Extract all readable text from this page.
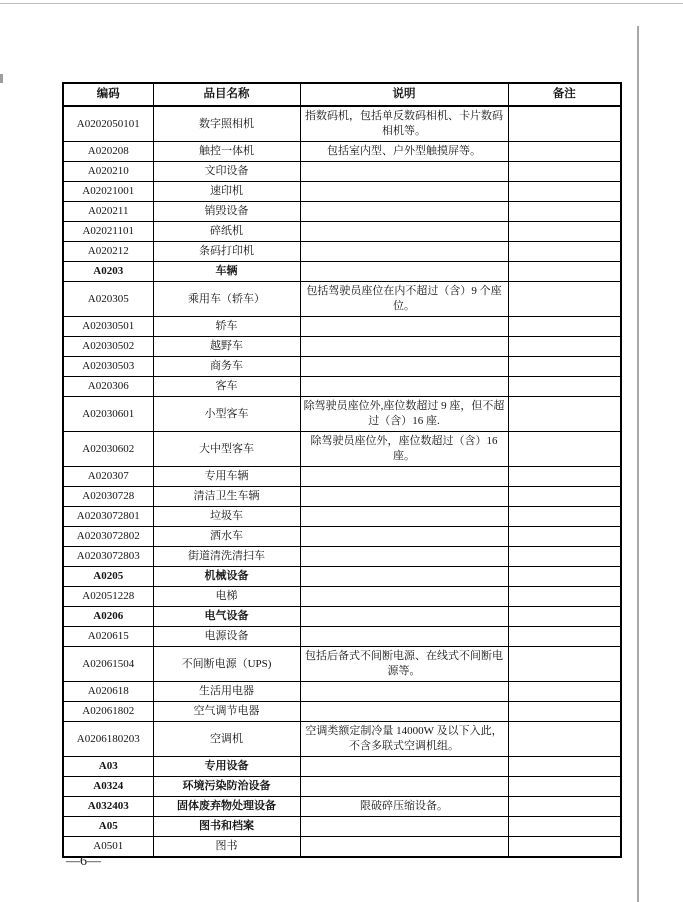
编码	品目名称	说明	备注
A0202050101	数字照相机	指数码机，包括单反数码相机、卡片数码相机等。	
A020208	触控一体机	包括室内型、户外型触摸屏等。	
A020210	文印设备		
A02021001	速印机		
A020211	销毁设备		
A02021101	碎纸机		
A020212	条码打印机		
A0203	车辆		
A020305	乘用车（轿车）	包括驾驶员座位在内不超过（含）9 个座位。	
A02030501	轿车		
A02030502	越野车		
A02030503	商务车		
A020306	客车		
A02030601	小型客车	除驾驶员座位外,座位数超过 9 座，但不超过（含）16 座.	
A02030602	大中型客车	除驾驶员座位外，座位数超过（含）16 座。	
A020307	专用车辆		
A02030728	清洁卫生车辆		
A0203072801	垃圾车		
A0203072802	洒水车		
A0203072803	街道清洗清扫车		
A0205	机械设备		
A02051228	电梯		
A0206	电气设备		
A020615	电源设备		
A02061504	不间断电源（UPS)	包括后备式不间断电源、在线式不间断电源等。	
A020618	生活用电器		
A02061802	空气调节电器		
A0206180203	空调机	空调类额定制冷量 14000W 及以下入此，不含多联式空调机组。	
A03	专用设备		
A0324	环境污染防治设备		
A032403	固体废弃物处理设备	限破碎压缩设备。	
A05	图书和档案		
A0501	图书		
—6—
